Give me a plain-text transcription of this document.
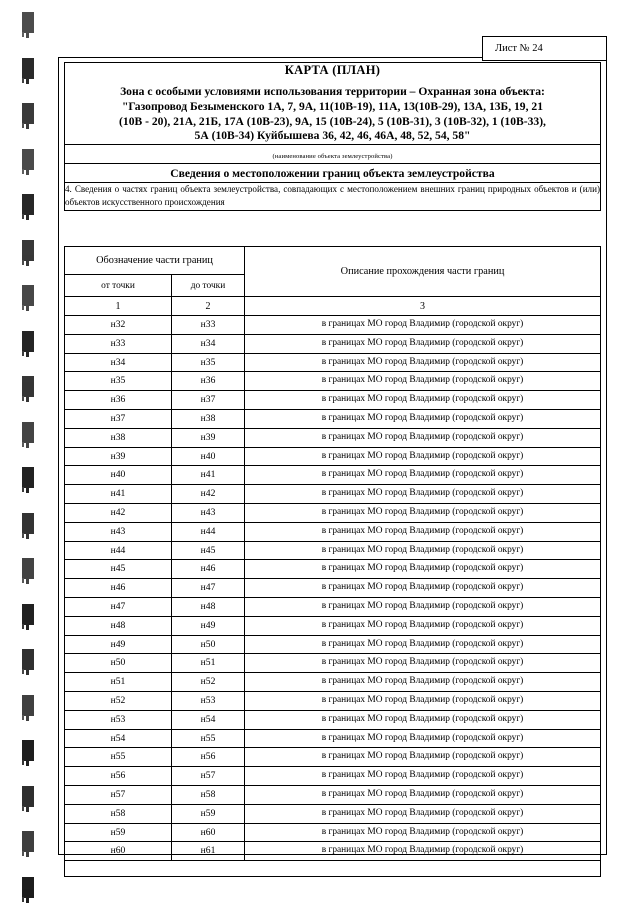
Лист № 24
КАРТА (ПЛАН)
Зона с особыми условиями использования территории – Охранная зона объекта:
"Газопровод Безыменского 1А, 7, 9А, 11(10В-19), 11А, 13(10В-29), 13А, 13Б, 19, 21
(10В - 20), 21А, 21Б, 17А (10В-23), 9А, 15 (10В-24), 5 (10В-31), 3 (10В-32), 1 (10В-33),
5А (10В-34) Куйбышева 36, 42, 46, 46А, 48, 52, 54, 58"

(наименование объекта землеустройства)
Сведения о местоположении границ объекта землеустройства

4. Сведения о частях границ объекта землеустройства, совпадающих с местоположением внешних границ природных объектов и (или) объектов искусственного происхождения
Обозначение части границ		Описание прохождения части границ
от точки	до точки	
1	2	3
н32	н33	в границах МО город Владимир (городской округ)
н33	н34	в границах МО город Владимир (городской округ)
н34	н35	в границах МО город Владимир (городской округ)
н35	н36	в границах МО город Владимир (городской округ)
н36	н37	в границах МО город Владимир (городской округ)
н37	н38	в границах МО город Владимир (городской округ)
н38	н39	в границах МО город Владимир (городской округ)
н39	н40	в границах МО город Владимир (городской округ)
н40	н41	в границах МО город Владимир (городской округ)
н41	н42	в границах МО город Владимир (городской округ)
н42	н43	в границах МО город Владимир (городской округ)
н43	н44	в границах МО город Владимир (городской округ)
н44	н45	в границах МО город Владимир (городской округ)
н45	н46	в границах МО город Владимир (городской округ)
н46	н47	в границах МО город Владимир (городской округ)
н47	н48	в границах МО город Владимир (городской округ)
н48	н49	в границах МО город Владимир (городской округ)
н49	н50	в границах МО город Владимир (городской округ)
н50	н51	в границах МО город Владимир (городской округ)
н51	н52	в границах МО город Владимир (городской округ)
н52	н53	в границах МО город Владимир (городской округ)
н53	н54	в границах МО город Владимир (городской округ)
н54	н55	в границах МО город Владимир (городской округ)
н55	н56	в границах МО город Владимир (городской округ)
н56	н57	в границах МО город Владимир (городской округ)
н57	н58	в границах МО город Владимир (городской округ)
н58	н59	в границах МО город Владимир (городской округ)
н59	н60	в границах МО город Владимир (городской округ)
н60	н61	в границах МО город Владимир (городской округ)
